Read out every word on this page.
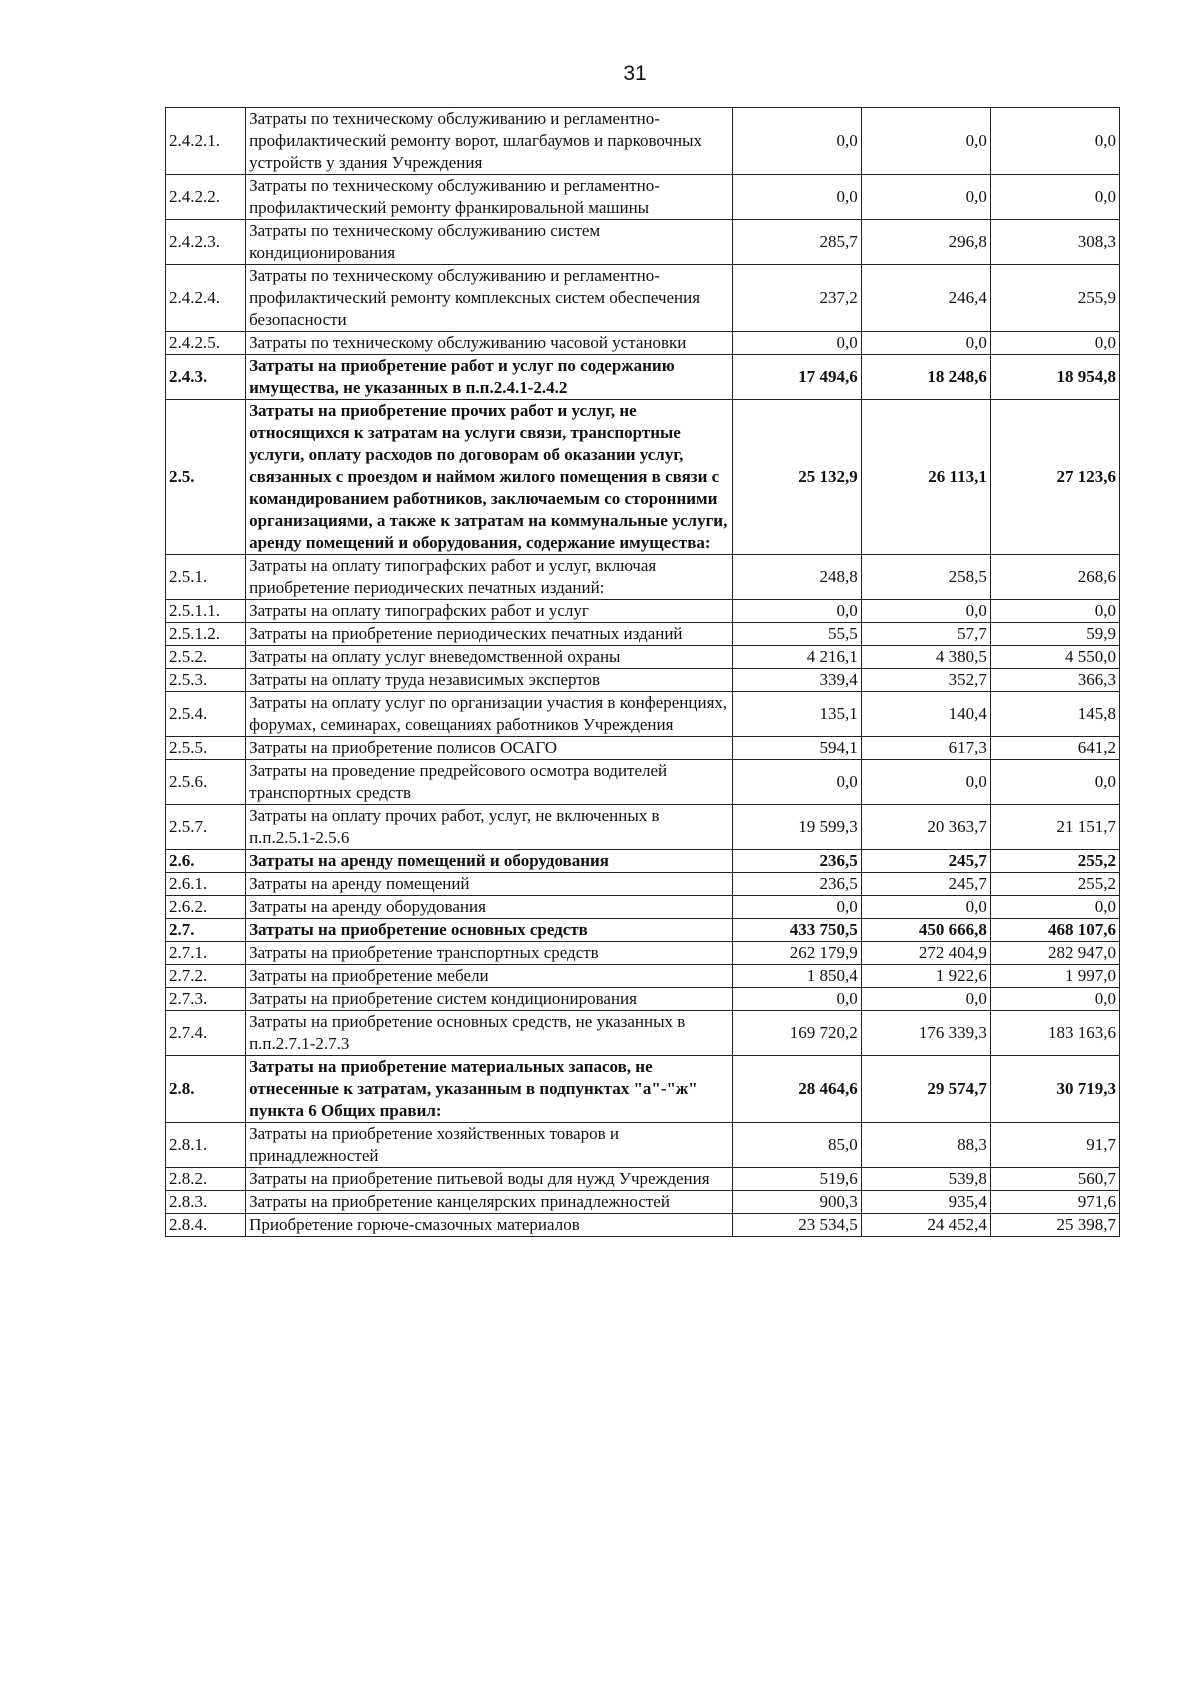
31
2.4.2.1.	Затраты по техническому обслуживанию и регламентно-профилактический ремонту ворот, шлагбаумов и парковочных устройств у здания Учреждения	0,0	0,0	0,0
2.4.2.2.	Затраты по техническому обслуживанию и регламентно-профилактический ремонту франкировальной машины	0,0	0,0	0,0
2.4.2.3.	Затраты по техническому обслуживанию систем кондиционирования	285,7	296,8	308,3
2.4.2.4.	Затраты по техническому обслуживанию и регламентно-профилактический ремонту комплексных систем обеспечения безопасности	237,2	246,4	255,9
2.4.2.5.	Затраты по техническому обслуживанию часовой установки	0,0	0,0	0,0
2.4.3.	Затраты на приобретение работ и услуг по содержанию имущества, не указанных в п.п.2.4.1-2.4.2	17 494,6	18 248,6	18 954,8
2.5.	Затраты на приобретение прочих работ и услуг, не относящихся к затратам на услуги связи, транспортные услуги, оплату расходов по договорам об оказании услуг, связанных с проездом и наймом жилого помещения в связи с командированием работников, заключаемым со сторонними организациями, а также к затратам на коммунальные услуги, аренду помещений и оборудования, содержание имущества:	25 132,9	26 113,1	27 123,6
2.5.1.	Затраты на оплату типографских работ и услуг, включая приобретение периодических печатных изданий:	248,8	258,5	268,6
2.5.1.1.	Затраты на оплату типографских работ и услуг	0,0	0,0	0,0
2.5.1.2.	Затраты на приобретение периодических печатных изданий	55,5	57,7	59,9
2.5.2.	Затраты на оплату услуг вневедомственной охраны	4 216,1	4 380,5	4 550,0
2.5.3.	Затраты на оплату труда независимых экспертов	339,4	352,7	366,3
2.5.4.	Затраты на оплату услуг по организации участия в конференциях, форумах, семинарах, совещаниях работников Учреждения	135,1	140,4	145,8
2.5.5.	Затраты на приобретение полисов ОСАГО	594,1	617,3	641,2
2.5.6.	Затраты на проведение предрейсового осмотра водителей транспортных средств	0,0	0,0	0,0
2.5.7.	Затраты на оплату прочих работ, услуг, не включенных в п.п.2.5.1-2.5.6	19 599,3	20 363,7	21 151,7
2.6.	Затраты на аренду помещений и оборудования	236,5	245,7	255,2
2.6.1.	Затраты на аренду помещений	236,5	245,7	255,2
2.6.2.	Затраты на аренду оборудования	0,0	0,0	0,0
2.7.	Затраты на приобретение основных средств	433 750,5	450 666,8	468 107,6
2.7.1.	Затраты на приобретение транспортных средств	262 179,9	272 404,9	282 947,0
2.7.2.	Затраты на приобретение мебели	1 850,4	1 922,6	1 997,0
2.7.3.	Затраты на приобретение систем кондиционирования	0,0	0,0	0,0
2.7.4.	Затраты на приобретение основных средств, не указанных в п.п.2.7.1-2.7.3	169 720,2	176 339,3	183 163,6
2.8.	Затраты на приобретение материальных запасов, не отнесенные к затратам, указанным в подпунктах "а"-"ж" пункта 6 Общих правил:	28 464,6	29 574,7	30 719,3
2.8.1.	Затраты на приобретение хозяйственных товаров и принадлежностей	85,0	88,3	91,7
2.8.2.	Затраты на приобретение питьевой воды для нужд Учреждения	519,6	539,8	560,7
2.8.3.	Затраты на приобретение канцелярских принадлежностей	900,3	935,4	971,6
2.8.4.	Приобретение горюче-смазочных материалов	23 534,5	24 452,4	25 398,7
